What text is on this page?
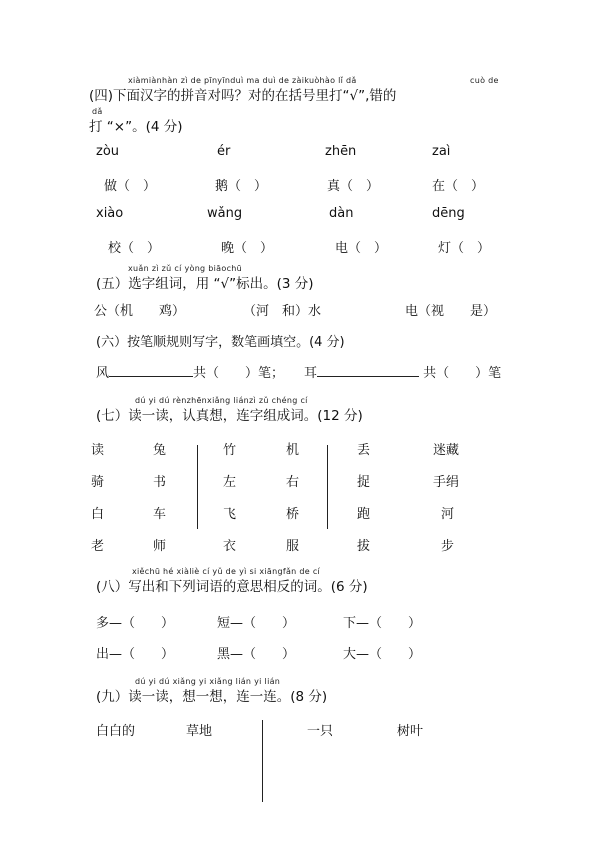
xiàmiànhàn zì de pīnyīnduì ma duì de zàikuòhào lǐ dǎ	cuò de
(四)下面汉字的拼音对吗？对的在括号里打“√”,错的
dǎ
打 “×”。(4 分)
zòu	ér	zhēn	zaì
做（　）	鹅（　）	真（　）	在（　）
xiào	wǎng	dàn	dēng
校（　）	晚（　）	电（　）	灯（　）
xuǎn zì zǔ cí yòng biāochū
(五）选字组词，用 “√”标出。(3 分)
公（机　　鸡）	（河　和）水	电（视　　是）
(六）按笔顺规则写字，数笔画填空。(4 分)
风	共（　　）笔； 耳	共（　　）笔
dú yi dú rènzhēnxiǎng liánzì zǔ chéng cí
(七）读一读，认真想，连字组成词。(12 分)
读	兔	竹	机	丢	迷藏
骑	书	左	右	捉	手绢
白	车	飞	桥	跑	河
老	师	衣	服	拔	步
xiěchū hé xiàliè cí yǔ de yì si xiāngfǎn de cí
(八）写出和下列词语的意思相反的词。(6 分)
多—（　　）	短—（　　）	下—（　　）
出—（　　）	黑—（　　）	大—（　　）
dú yi dú xiǎng yi xiǎng lián yi lián
(九）读一读，想一想，连一连。(8 分)
白白的	草地	一只	树叶
